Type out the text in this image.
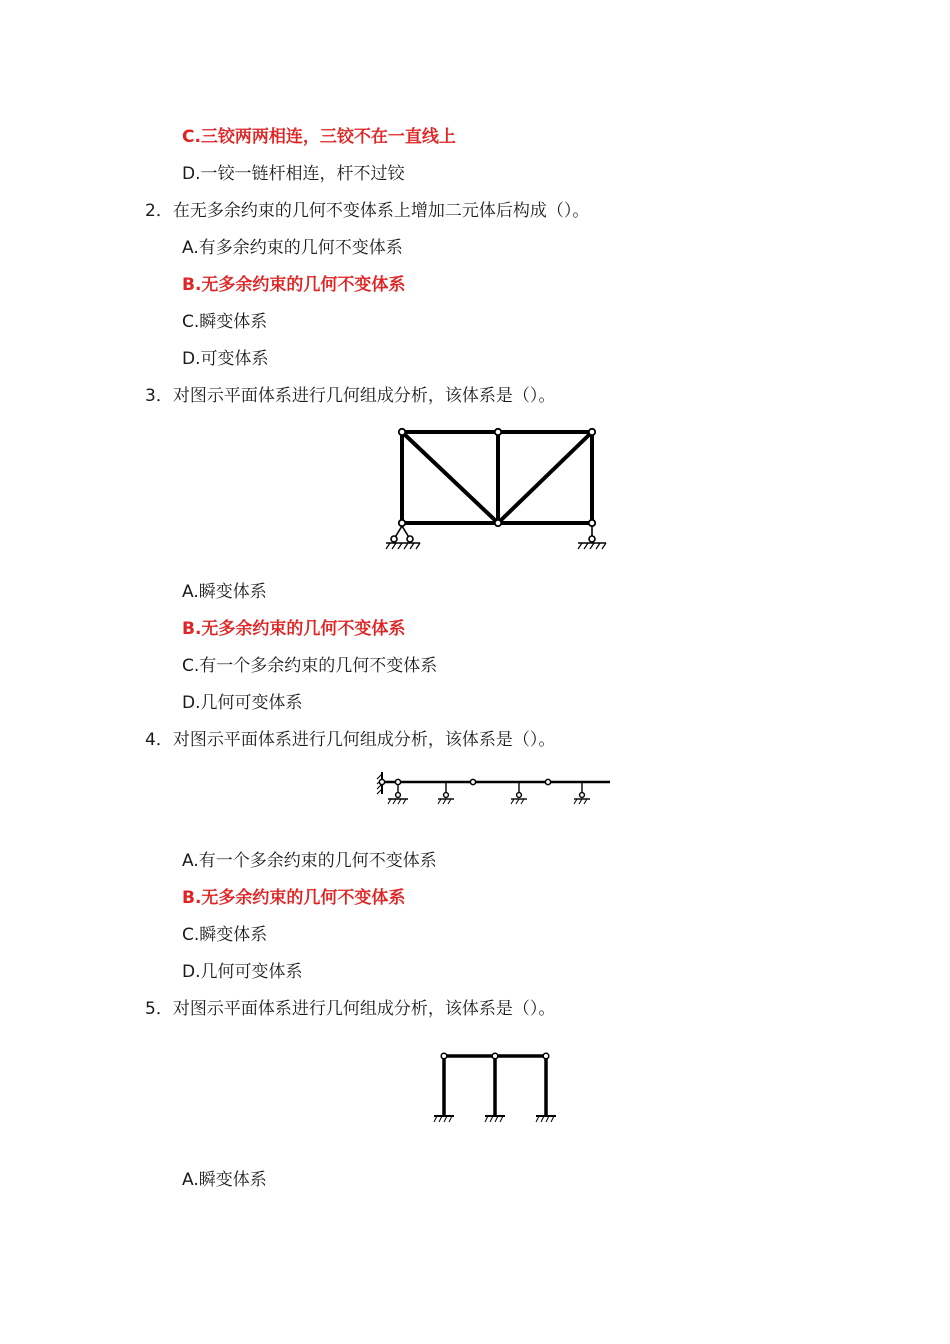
C.三铰两两相连，三铰不在一直线上
D.一铰一链杆相连，杆不过铰
2．在无多余约束的几何不变体系上增加二元体后构成（）。
A.有多余约束的几何不变体系
B.无多余约束的几何不变体系
C.瞬变体系
D.可变体系
3．对图示平面体系进行几何组成分析，该体系是（）。
A.瞬变体系
B.无多余约束的几何不变体系
C.有一个多余约束的几何不变体系
D.几何可变体系
4．对图示平面体系进行几何组成分析，该体系是（）。
A.有一个多余约束的几何不变体系
B.无多余约束的几何不变体系
C.瞬变体系
D.几何可变体系
5．对图示平面体系进行几何组成分析，该体系是（）。
A.瞬变体系
